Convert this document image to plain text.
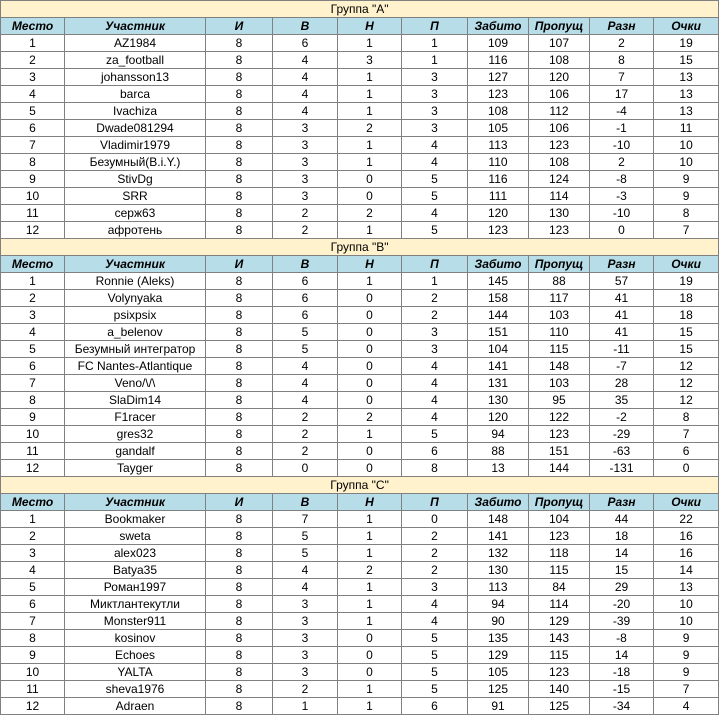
Группа "A"									
Место	Участник	И	В	Н	П	Забито	Пропущ	Разн	Очки
1	AZ1984	8	6	1	1	109	107	2	19
2	za_football	8	4	3	1	116	108	8	15
3	johansson13	8	4	1	3	127	120	7	13
4	barca	8	4	1	3	123	106	17	13
5	Ivachiza	8	4	1	3	108	112	-4	13
6	Dwade081294	8	3	2	3	105	106	-1	11
7	Vladimir1979	8	3	1	4	113	123	-10	10
8	Безумный(B.i.Y.)	8	3	1	4	110	108	2	10
9	StivDg	8	3	0	5	116	124	-8	9
10	SRR	8	3	0	5	111	114	-3	9
11	серж63	8	2	2	4	120	130	-10	8
12	афротень	8	2	1	5	123	123	0	7
Группа "B"									
Место	Участник	И	В	Н	П	Забито	Пропущ	Разн	Очки
1	Ronnie (Aleks)	8	6	1	1	145	88	57	19
2	Volynyaka	8	6	0	2	158	117	41	18
3	psixpsix	8	6	0	2	144	103	41	18
4	a_belenov	8	5	0	3	151	110	41	15
5	Безумный интегратор	8	5	0	3	104	115	-11	15
6	FC Nantes-Atlantique	8	4	0	4	141	148	-7	12
7	Veno/\/\	8	4	0	4	131	103	28	12
8	SlaDim14	8	4	0	4	130	95	35	12
9	F1racer	8	2	2	4	120	122	-2	8
10	gres32	8	2	1	5	94	123	-29	7
11	gandalf	8	2	0	6	88	151	-63	6
12	Tayger	8	0	0	8	13	144	-131	0
Группа "C"									
Место	Участник	И	В	Н	П	Забито	Пропущ	Разн	Очки
1	Bookmaker	8	7	1	0	148	104	44	22
2	sweta	8	5	1	2	141	123	18	16
3	alex023	8	5	1	2	132	118	14	16
4	Batya35	8	4	2	2	130	115	15	14
5	Роман1997	8	4	1	3	113	84	29	13
6	Миктлантекутли	8	3	1	4	94	114	-20	10
7	Monster911	8	3	1	4	90	129	-39	10
8	kosinov	8	3	0	5	135	143	-8	9
9	Echoes	8	3	0	5	129	115	14	9
10	YALTA	8	3	0	5	105	123	-18	9
11	sheva1976	8	2	1	5	125	140	-15	7
12	Adraen	8	1	1	6	91	125	-34	4
